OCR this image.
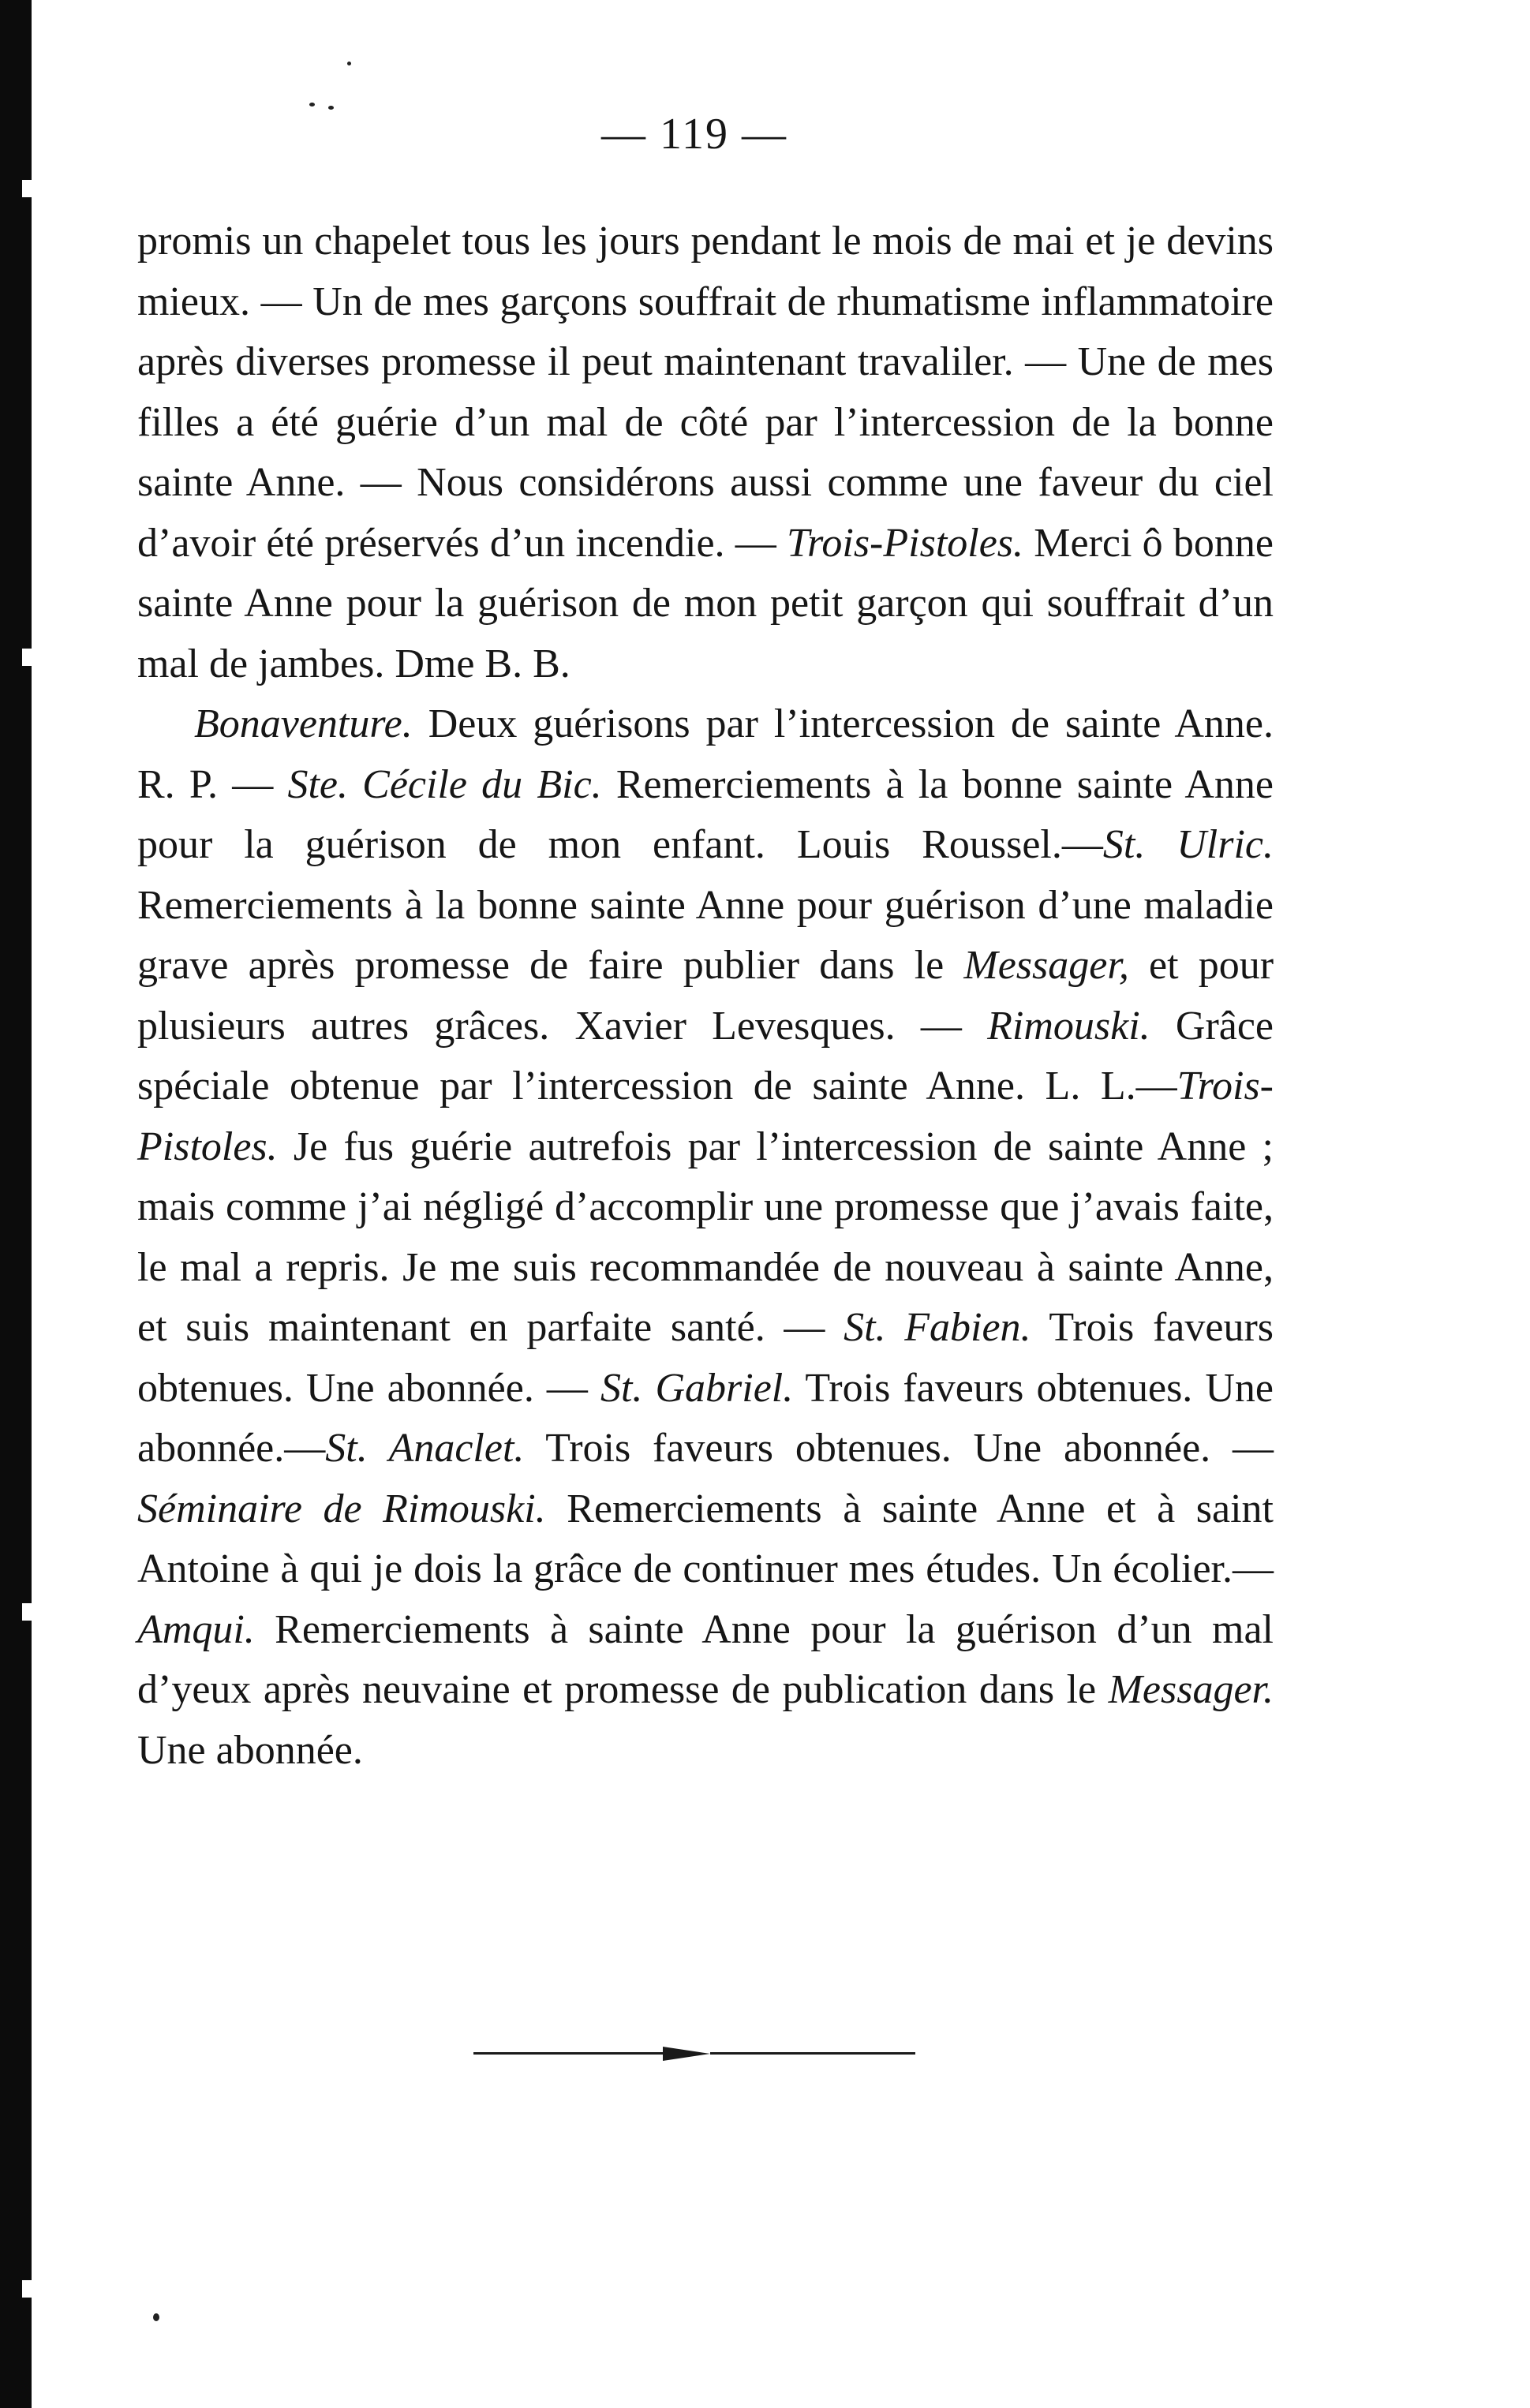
— 119 —

promis un chapelet tous les jours pendant le mois de mai et je devins mieux. — Un de mes garçons souffrait de rhumatisme inflammatoire après diverses promesse il peut maintenant travaliler. — Une de mes filles a été guérie d’un mal de côté par l’intercession de la bonne sainte Anne. — Nous considérons aussi comme une faveur du ciel d’avoir été préservés d’un incendie. — Trois-Pistoles. Merci ô bonne sainte Anne pour la guérison de mon petit garçon qui souffrait d’un mal de jambes. Dme B. B.

Bonaventure. Deux guérisons par l’intercession de sainte Anne. R. P. — Ste. Cécile du Bic. Remerciements à la bonne sainte Anne pour la guérison de mon enfant. Louis Roussel.—St. Ulric. Remerciements à la bonne sainte Anne pour guérison d’une maladie grave après promesse de faire publier dans le Messager, et pour plusieurs autres grâces. Xavier Levesques. — Rimouski. Grâce spéciale obtenue par l’intercession de sainte Anne. L. L.—Trois-Pistoles. Je fus guérie autrefois par l’intercession de sainte Anne ; mais comme j’ai négligé d’accomplir une promesse que j’avais faite, le mal a repris. Je me suis recommandée de nouveau à sainte Anne, et suis maintenant en parfaite santé. — St. Fabien. Trois faveurs obtenues. Une abonnée. — St. Gabriel. Trois faveurs obtenues. Une abonnée.—St. Anaclet. Trois faveurs obtenues. Une abonnée. — Séminaire de Rimouski. Remerciements à sainte Anne et à saint Antoine à qui je dois la grâce de continuer mes études. Un écolier.—Amqui. Remerciements à sainte Anne pour la guérison d’un mal d’yeux après neuvaine et promesse de publication dans le Messager. Une abonnée.
